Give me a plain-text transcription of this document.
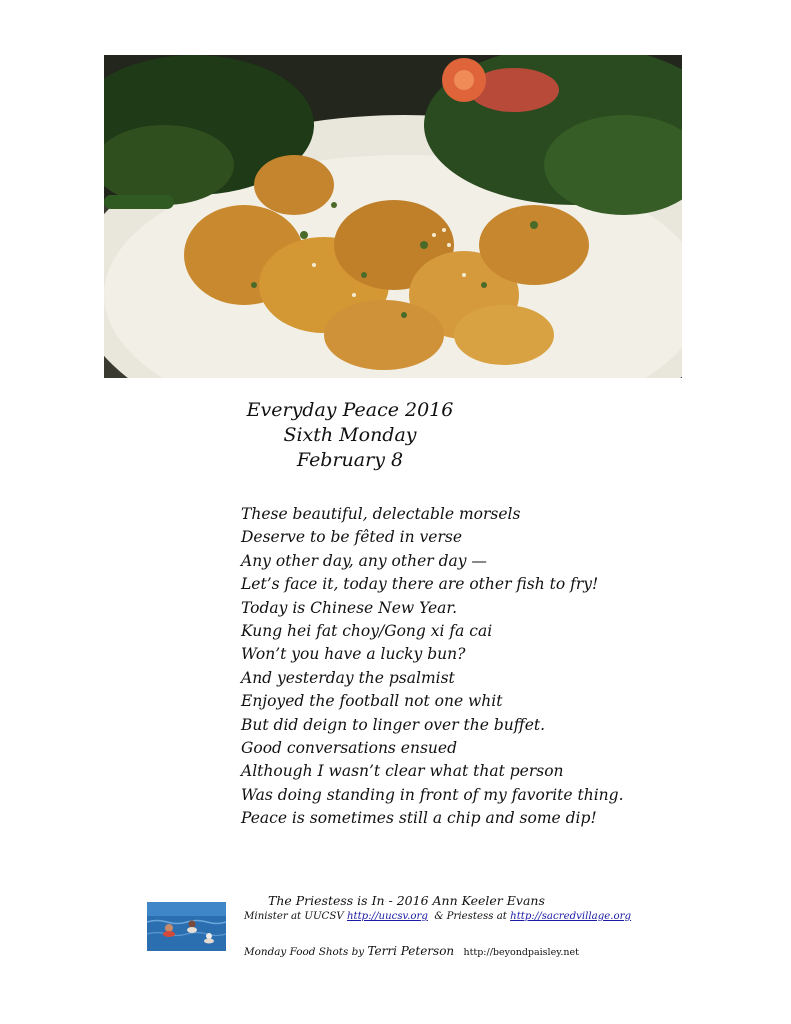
Everyday Peace 2016
Sixth Monday
February 8
These beautiful, delectable morsels
Deserve to be fêted in verse
Any other day, any other day —
Let’s face it, today there are other fish to fry!
Today is Chinese New Year.
Kung hei fat choy/Gong xi fa cai
Won’t you have a lucky bun?
And yesterday the psalmist
Enjoyed the football not one whit
But did deign to linger over the buffet.
Good conversations ensued
Although I wasn’t clear what that person
Was doing standing in front of my favorite thing.
Peace is sometimes still a chip and some dip!
The Priestess is In - 2016 Ann Keeler Evans
Minister at UUCSV http://uucsv.org & Priestess at http://sacredvillage.org
Monday Food Shots by Terri Peterson http://beyondpaisley.net
